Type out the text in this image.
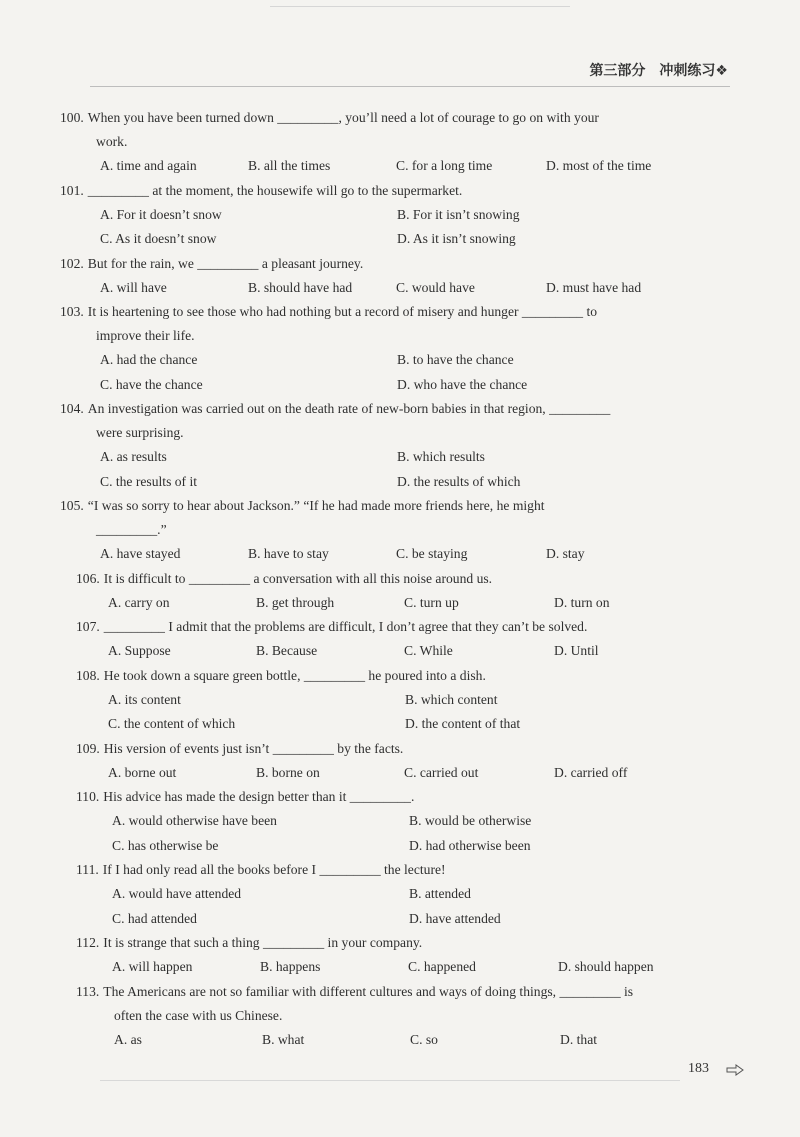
第三部分　冲刺练习❖
100. When you have been turned down _________, you’ll need a lot of courage to go on with your
work.
A. time and again	B. all the times	C. for a long time	D. most of the time
101. _________ at the moment, the housewife will go to the supermarket.
A. For it doesn’t snow	B. For it isn’t snowing
C. As it doesn’t snow	D. As it isn’t snowing
102. But for the rain, we _________ a pleasant journey.
A. will have	B. should have had	C. would have	D. must have had
103. It is heartening to see those who had nothing but a record of misery and hunger _________ to
improve their life.
A. had the chance	B. to have the chance
C. have the chance	D. who have the chance
104. An investigation was carried out on the death rate of new-born babies in that region, _________
were surprising.
A. as results	B. which results
C. the results of it	D. the results of which
105. “I was so sorry to hear about Jackson.” “If he had made more friends here, he might
_________.”
A. have stayed	B. have to stay	C. be staying	D. stay
106. It is difficult to _________ a conversation with all this noise around us.
A. carry on	B. get through	C. turn up	D. turn on
107. _________ I admit that the problems are difficult, I don’t agree that they can’t be solved.
A. Suppose	B. Because	C. While	D. Until
108. He took down a square green bottle, _________ he poured into a dish.
A. its content	B. which content
C. the content of which	D. the content of that
109. His version of events just isn’t _________ by the facts.
A. borne out	B. borne on	C. carried out	D. carried off
110. His advice has made the design better than it _________.
A. would otherwise have been	B. would be otherwise
C. has otherwise be	D. had otherwise been
111. If I had only read all the books before I _________ the lecture!
A. would have attended	B. attended
C. had attended	D. have attended
112. It is strange that such a thing _________ in your company.
A. will happen	B. happens	C. happened	D. should happen
113. The Americans are not so familiar with different cultures and ways of doing things, _________ is
often the case with us Chinese.
A. as	B. what	C. so	D. that
183
